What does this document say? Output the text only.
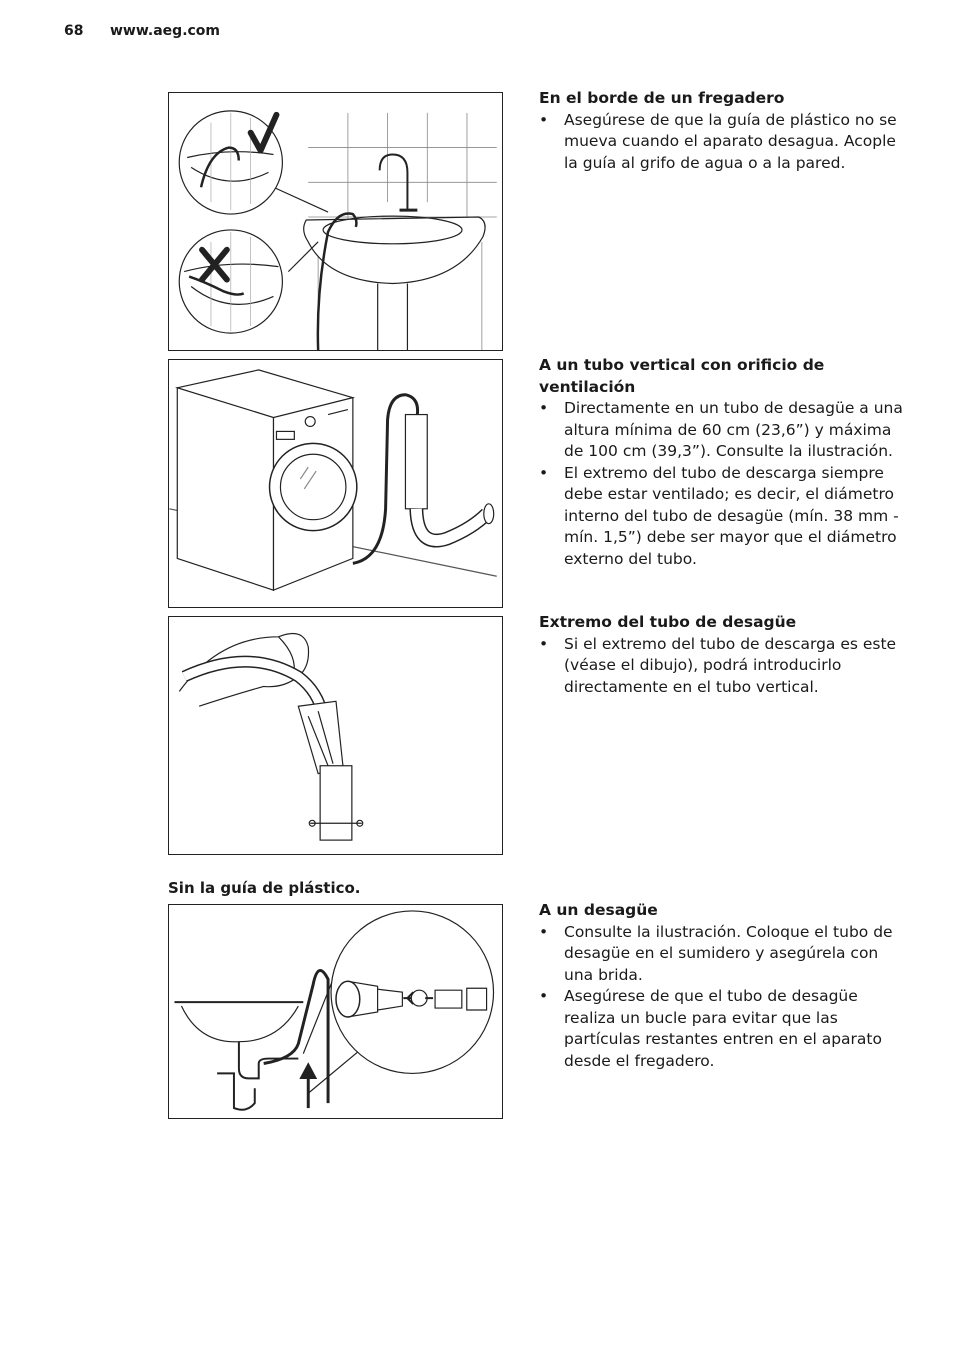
68 www.aeg.com
Sin la guía de plástico.
En el borde de un fregadero
• Asegúrese de que la guía de plástico no se mueva cuando el aparato desagua. Acople la guía al grifo de agua o a la pared.
A un tubo vertical con orificio de ventilación
• Directamente en un tubo de desagüe a una altura mínima de 60 cm (23,6”) y máxima de 100 cm (39,3”). Consulte la ilustración.
• El extremo del tubo de descarga siempre debe estar ventilado; es decir, el diámetro interno del tubo de desagüe (mín. 38 mm - mín. 1,5”) debe ser mayor que el diámetro externo del tubo.
Extremo del tubo de desagüe
• Si el extremo del tubo de descarga es este (véase el dibujo), podrá introducirlo directamente en el tubo vertical.
A un desagüe
• Consulte la ilustración. Coloque el tubo de desagüe en el sumidero y asegúrela con una brida.
• Asegúrese de que el tubo de desagüe realiza un bucle para evitar que las partículas restantes entren en el aparato desde el fregadero.
